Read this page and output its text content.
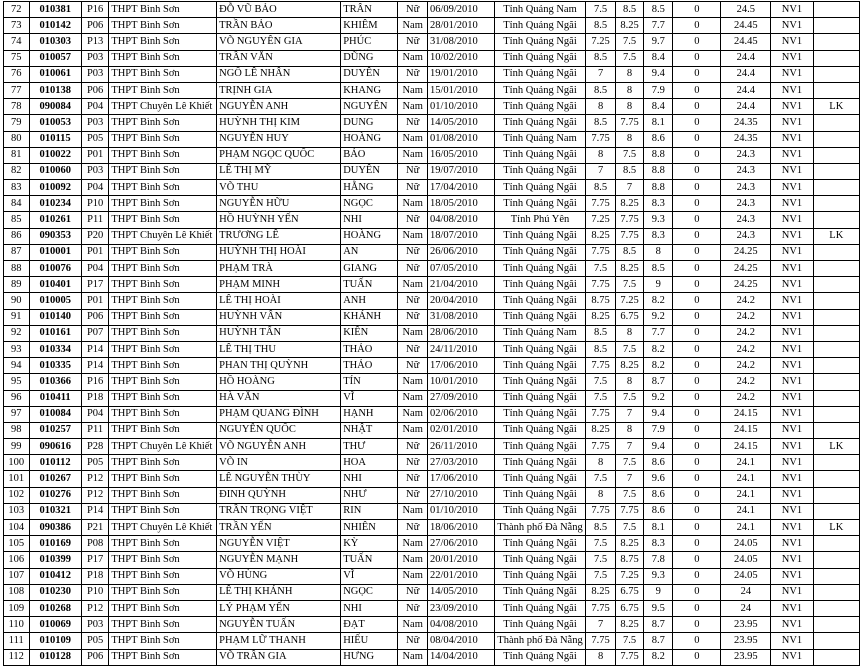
72	010381	P16	THPT Bình Sơn	ĐỖ VŨ BẢO	TRÂN	Nữ	06/09/2010	Tỉnh Quảng Nam	7.5	8.5	8.5	0	24.5	NV1	
73	010142	P06	THPT Bình Sơn	TRẦN BẢO	KHIÊM	Nam	28/01/2010	Tỉnh Quảng Ngãi	8.5	8.25	7.7	0	24.45	NV1	
74	010303	P13	THPT Bình Sơn	VÕ NGUYÊN GIA	PHÚC	Nữ	31/08/2010	Tỉnh Quảng Ngãi	7.25	7.5	9.7	0	24.45	NV1	
75	010057	P03	THPT Bình Sơn	TRẦN VĂN	DŨNG	Nam	10/02/2010	Tỉnh Quảng Ngãi	8.5	7.5	8.4	0	24.4	NV1	
76	010061	P03	THPT Bình Sơn	NGÔ LÊ NHÂN	DUYÊN	Nữ	19/01/2010	Tỉnh Quảng Ngãi	7	8	9.4	0	24.4	NV1	
77	010138	P06	THPT Bình Sơn	TRỊNH GIA	KHANG	Nam	15/01/2010	Tỉnh Quảng Ngãi	8.5	8	7.9	0	24.4	NV1	
78	090084	P04	THPT Chuyên Lê Khiết	NGUYỄN ANH	NGUYÊN	Nam	01/10/2010	Tỉnh Quảng Ngãi	8	8	8.4	0	24.4	NV1	LK
79	010053	P03	THPT Bình Sơn	HUỲNH THỊ KIM	DUNG	Nữ	14/05/2010	Tỉnh Quảng Ngãi	8.5	7.75	8.1	0	24.35	NV1	
80	010115	P05	THPT Bình Sơn	NGUYỄN HUY	HOÀNG	Nam	01/08/2010	Tỉnh Quảng Nam	7.75	8	8.6	0	24.35	NV1	
81	010022	P01	THPT Bình Sơn	PHẠM NGỌC QUỐC	BẢO	Nam	16/05/2010	Tỉnh Quảng Ngãi	8	7.5	8.8	0	24.3	NV1	
82	010060	P03	THPT Bình Sơn	LÊ THỊ MỸ	DUYÊN	Nữ	19/07/2010	Tỉnh Quảng Ngãi	7	8.5	8.8	0	24.3	NV1	
83	010092	P04	THPT Bình Sơn	VÕ THU	HẰNG	Nữ	17/04/2010	Tỉnh Quảng Ngãi	8.5	7	8.8	0	24.3	NV1	
84	010234	P10	THPT Bình Sơn	NGUYỄN HỮU	NGỌC	Nam	18/05/2010	Tỉnh Quảng Ngãi	7.75	8.25	8.3	0	24.3	NV1	
85	010261	P11	THPT Bình Sơn	HỒ HUỲNH YẾN	NHI	Nữ	04/08/2010	Tỉnh Phú Yên	7.25	7.75	9.3	0	24.3	NV1	
86	090353	P20	THPT Chuyên Lê Khiết	TRƯƠNG LÊ	HOÀNG	Nam	18/07/2010	Tỉnh Quảng Ngãi	8.25	7.75	8.3	0	24.3	NV1	LK
87	010001	P01	THPT Bình Sơn	HUỲNH THỊ HOÀI	AN	Nữ	26/06/2010	Tỉnh Quảng Ngãi	7.75	8.5	8	0	24.25	NV1	
88	010076	P04	THPT Bình Sơn	PHẠM TRÀ	GIANG	Nữ	07/05/2010	Tỉnh Quảng Ngãi	7.5	8.25	8.5	0	24.25	NV1	
89	010401	P17	THPT Bình Sơn	PHẠM MINH	TUẤN	Nam	21/04/2010	Tỉnh Quảng Ngãi	7.75	7.5	9	0	24.25	NV1	
90	010005	P01	THPT Bình Sơn	LÊ THỊ HOÀI	ANH	Nữ	20/04/2010	Tỉnh Quảng Ngãi	8.75	7.25	8.2	0	24.2	NV1	
91	010140	P06	THPT Bình Sơn	HUỲNH VÂN	KHÁNH	Nữ	31/08/2010	Tỉnh Quảng Ngãi	8.25	6.75	9.2	0	24.2	NV1	
92	010161	P07	THPT Bình Sơn	HUỲNH TẤN	KIÊN	Nam	28/06/2010	Tỉnh Quảng Nam	8.5	8	7.7	0	24.2	NV1	
93	010334	P14	THPT Bình Sơn	LÊ THỊ THU	THẢO	Nữ	24/11/2010	Tỉnh Quảng Ngãi	8.5	7.5	8.2	0	24.2	NV1	
94	010335	P14	THPT Bình Sơn	PHAN THỊ QUỲNH	THẢO	Nữ	17/06/2010	Tỉnh Quảng Ngãi	7.75	8.25	8.2	0	24.2	NV1	
95	010366	P16	THPT Bình Sơn	HỒ HOÀNG	TÍN	Nam	10/01/2010	Tỉnh Quảng Ngãi	7.5	8	8.7	0	24.2	NV1	
96	010411	P18	THPT Bình Sơn	HÀ VĂN	VĨ	Nam	27/09/2010	Tỉnh Quảng Ngãi	7.5	7.5	9.2	0	24.2	NV1	
97	010084	P04	THPT Bình Sơn	PHẠM QUANG ĐÌNH	HẠNH	Nam	02/06/2010	Tỉnh Quảng Ngãi	7.75	7	9.4	0	24.15	NV1	
98	010257	P11	THPT Bình Sơn	NGUYỄN QUỐC	NHẬT	Nam	02/01/2010	Tỉnh Quảng Ngãi	8.25	8	7.9	0	24.15	NV1	
99	090616	P28	THPT Chuyên Lê Khiết	VÕ NGUYỄN ANH	THƯ	Nữ	26/11/2010	Tỉnh Quảng Ngãi	7.75	7	9.4	0	24.15	NV1	LK
100	010112	P05	THPT Bình Sơn	VÕ IN	HOA	Nữ	27/03/2010	Tỉnh Quảng Ngãi	8	7.5	8.6	0	24.1	NV1	
101	010267	P12	THPT Bình Sơn	LÊ NGUYỄN THÙY	NHI	Nữ	17/06/2010	Tỉnh Quảng Ngãi	7.5	7	9.6	0	24.1	NV1	
102	010276	P12	THPT Bình Sơn	ĐINH QUỲNH	NHƯ	Nữ	27/10/2010	Tỉnh Quảng Ngãi	8	7.5	8.6	0	24.1	NV1	
103	010321	P14	THPT Bình Sơn	TRẦN TRỌNG VIỆT	RIN	Nam	01/10/2010	Tỉnh Quảng Ngãi	7.75	7.75	8.6	0	24.1	NV1	
104	090386	P21	THPT Chuyên Lê Khiết	TRẦN YẾN	NHIÊN	Nữ	18/06/2010	Thành phố Đà Nẵng	8.5	7.5	8.1	0	24.1	NV1	LK
105	010169	P08	THPT Bình Sơn	NGUYỄN VIỆT	KỲ	Nam	27/06/2010	Tỉnh Quảng Ngãi	7.5	8.25	8.3	0	24.05	NV1	
106	010399	P17	THPT Bình Sơn	NGUYỄN MẠNH	TUẤN	Nam	20/01/2010	Tỉnh Quảng Ngãi	7.5	8.75	7.8	0	24.05	NV1	
107	010412	P18	THPT Bình Sơn	VÕ HÙNG	VĨ	Nam	22/01/2010	Tỉnh Quảng Ngãi	7.5	7.25	9.3	0	24.05	NV1	
108	010230	P10	THPT Bình Sơn	LÊ THỊ KHÁNH	NGỌC	Nữ	14/05/2010	Tỉnh Quảng Ngãi	8.25	6.75	9	0	24	NV1	
109	010268	P12	THPT Bình Sơn	LÝ PHẠM YẾN	NHI	Nữ	23/09/2010	Tỉnh Quảng Ngãi	7.75	6.75	9.5	0	24	NV1	
110	010069	P03	THPT Bình Sơn	NGUYỄN TUẤN	ĐẠT	Nam	04/08/2010	Tỉnh Quảng Ngãi	7	8.25	8.7	0	23.95	NV1	
111	010109	P05	THPT Bình Sơn	PHẠM LỮ THANH	HIẾU	Nữ	08/04/2010	Thành phố Đà Nẵng	7.75	7.5	8.7	0	23.95	NV1	
112	010128	P06	THPT Bình Sơn	VÕ TRẦN GIA	HƯNG	Nam	14/04/2010	Tỉnh Quảng Ngãi	8	7.75	8.2	0	23.95	NV1	
